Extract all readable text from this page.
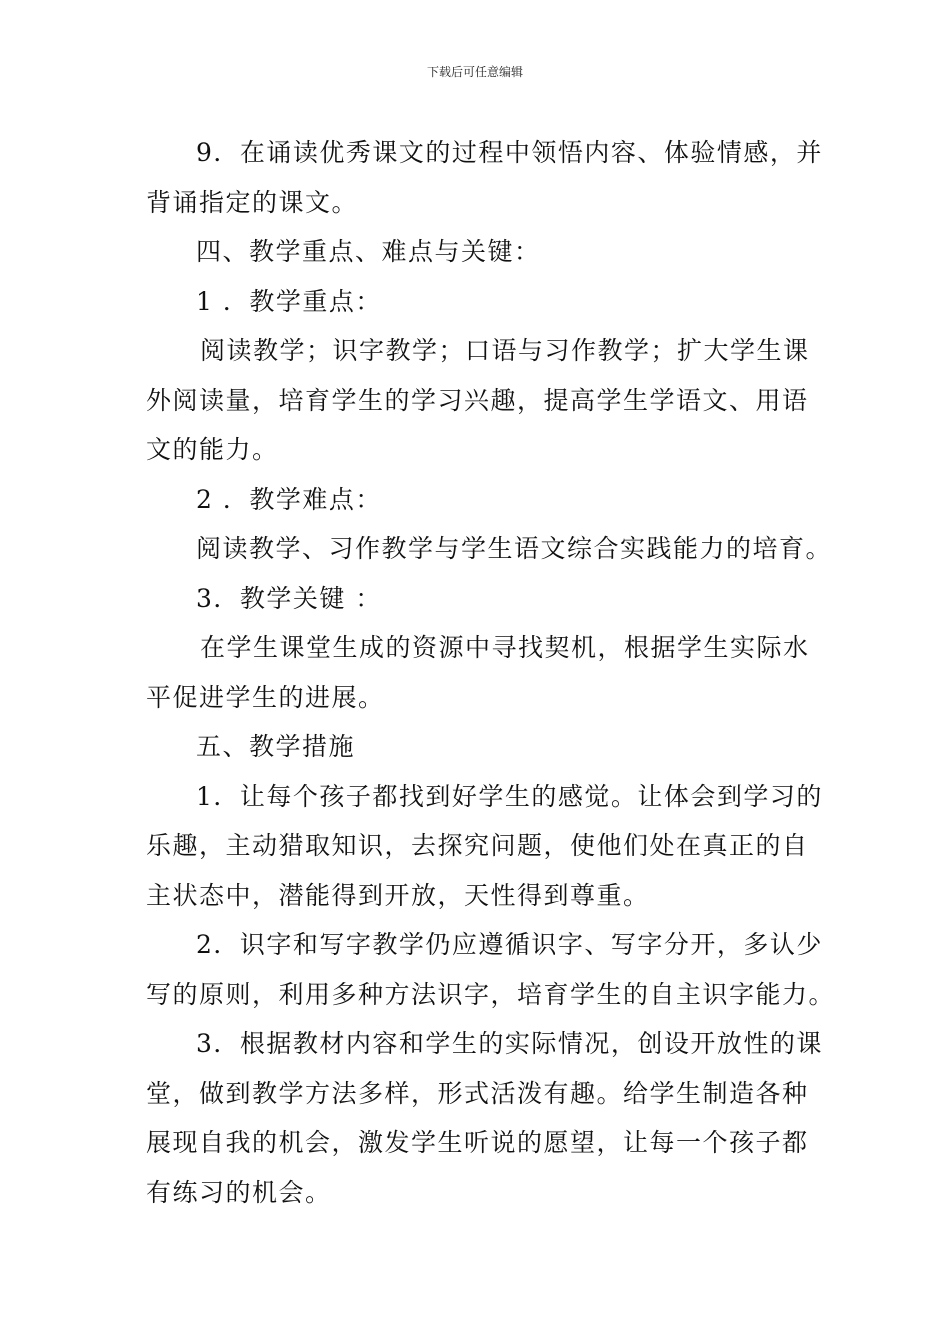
下载后可任意编辑
9．在诵读优秀课文的过程中领悟内容、体验情感，并
背诵指定的课文。
四、教学重点、难点与关键：
1 ．教学重点：
阅读教学；识字教学；口语与习作教学；扩大学生课
外阅读量，培育学生的学习兴趣，提高学生学语文、用语
文的能力。
2 ．教学难点：
阅读教学、习作教学与学生语文综合实践能力的培育。
3．教学关键 ：
在学生课堂生成的资源中寻找契机，根据学生实际水
平促进学生的进展。
五、教学措施
1．让每个孩子都找到好学生的感觉。让体会到学习的
乐趣，主动猎取知识，去探究问题，使他们处在真正的自
主状态中，潜能得到开放，天性得到尊重。
2．识字和写字教学仍应遵循识字、写字分开，多认少
写的原则，利用多种方法识字，培育学生的自主识字能力。
3．根据教材内容和学生的实际情况，创设开放性的课
堂，做到教学方法多样，形式活泼有趣。给学生制造各种
展现自我的机会，激发学生听说的愿望，让每一个孩子都
有练习的机会。
